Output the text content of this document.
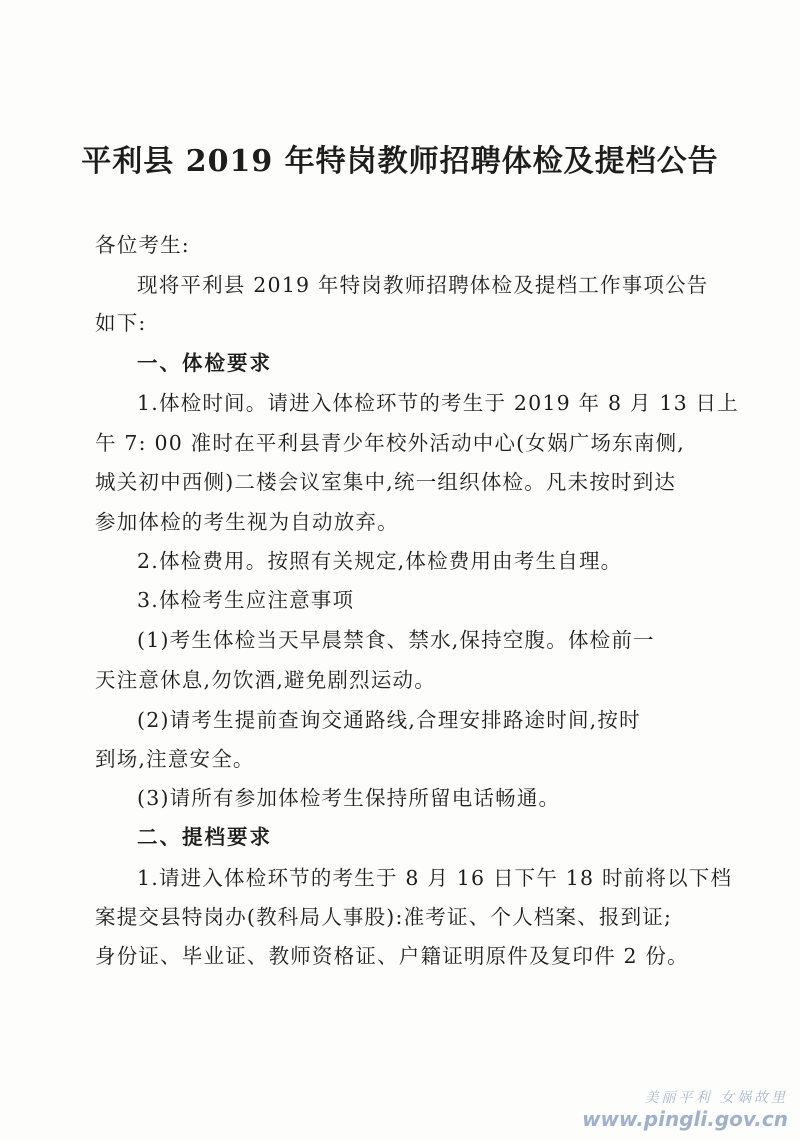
平利县 2019 年特岗教师招聘体检及提档公告
各位考生:
现将平利县 2019 年特岗教师招聘体检及提档工作事项公告
如下:
一、体检要求
1.体检时间。请进入体检环节的考生于 2019 年 8 月 13 日上
午 7: 00 准时在平利县青少年校外活动中心(女娲广场东南侧,
城关初中西侧)二楼会议室集中,统一组织体检。凡未按时到达
参加体检的考生视为自动放弃。
2.体检费用。按照有关规定,体检费用由考生自理。
3.体检考生应注意事项
(1)考生体检当天早晨禁食、禁水,保持空腹。体检前一
天注意休息,勿饮酒,避免剧烈运动。
(2)请考生提前查询交通路线,合理安排路途时间,按时
到场,注意安全。
(3)请所有参加体检考生保持所留电话畅通。
二、提档要求
1.请进入体检环节的考生于 8 月 16 日下午 18 时前将以下档
案提交县特岗办(教科局人事股):准考证、个人档案、报到证;
身份证、毕业证、教师资格证、户籍证明原件及复印件 2 份。
美丽平利 女娲故里
www.pingli.gov.cn
